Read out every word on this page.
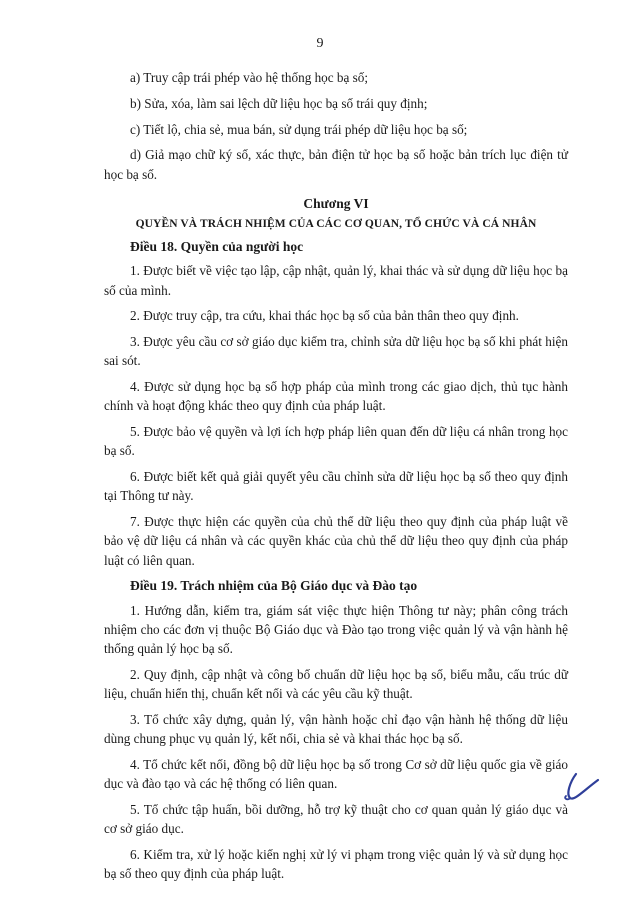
9

a) Truy cập trái phép vào hệ thống học bạ số;

b) Sửa, xóa, làm sai lệch dữ liệu học bạ số trái quy định;

c) Tiết lộ, chia sẻ, mua bán, sử dụng trái phép dữ liệu học bạ số;

d) Giả mạo chữ ký số, xác thực, bản điện tử học bạ số hoặc bản trích lục điện tử học bạ số.

Chương VI

QUYỀN VÀ TRÁCH NHIỆM CỦA CÁC CƠ QUAN, TỔ CHỨC VÀ CÁ NHÂN

Điều 18. Quyền của người học

1. Được biết về việc tạo lập, cập nhật, quản lý, khai thác và sử dụng dữ liệu học bạ số của mình.

2. Được truy cập, tra cứu, khai thác học bạ số của bản thân theo quy định.

3. Được yêu cầu cơ sở giáo dục kiểm tra, chỉnh sửa dữ liệu học bạ số khi phát hiện sai sót.

4. Được sử dụng học bạ số hợp pháp của mình trong các giao dịch, thủ tục hành chính và hoạt động khác theo quy định của pháp luật.

5. Được bảo vệ quyền và lợi ích hợp pháp liên quan đến dữ liệu cá nhân trong học bạ số.

6. Được biết kết quả giải quyết yêu cầu chỉnh sửa dữ liệu học bạ số theo quy định tại Thông tư này.

7. Được thực hiện các quyền của chủ thể dữ liệu theo quy định của pháp luật về bảo vệ dữ liệu cá nhân và các quyền khác của chủ thể dữ liệu theo quy định của pháp luật có liên quan.

Điều 19. Trách nhiệm của Bộ Giáo dục và Đào tạo

1. Hướng dẫn, kiểm tra, giám sát việc thực hiện Thông tư này; phân công trách nhiệm cho các đơn vị thuộc Bộ Giáo dục và Đào tạo trong việc quản lý và vận hành hệ thống quản lý học bạ số.

2. Quy định, cập nhật và công bố chuẩn dữ liệu học bạ số, biểu mẫu, cấu trúc dữ liệu, chuẩn hiển thị, chuẩn kết nối và các yêu cầu kỹ thuật.

3. Tổ chức xây dựng, quản lý, vận hành hoặc chỉ đạo vận hành hệ thống dữ liệu dùng chung phục vụ quản lý, kết nối, chia sẻ và khai thác học bạ số.

4. Tổ chức kết nối, đồng bộ dữ liệu học bạ số trong Cơ sở dữ liệu quốc gia về giáo dục và đào tạo và các hệ thống có liên quan.

5. Tổ chức tập huấn, bồi dưỡng, hỗ trợ kỹ thuật cho cơ quan quản lý giáo dục và cơ sở giáo dục.

6. Kiểm tra, xử lý hoặc kiến nghị xử lý vi phạm trong việc quản lý và sử dụng học bạ số theo quy định của pháp luật.
